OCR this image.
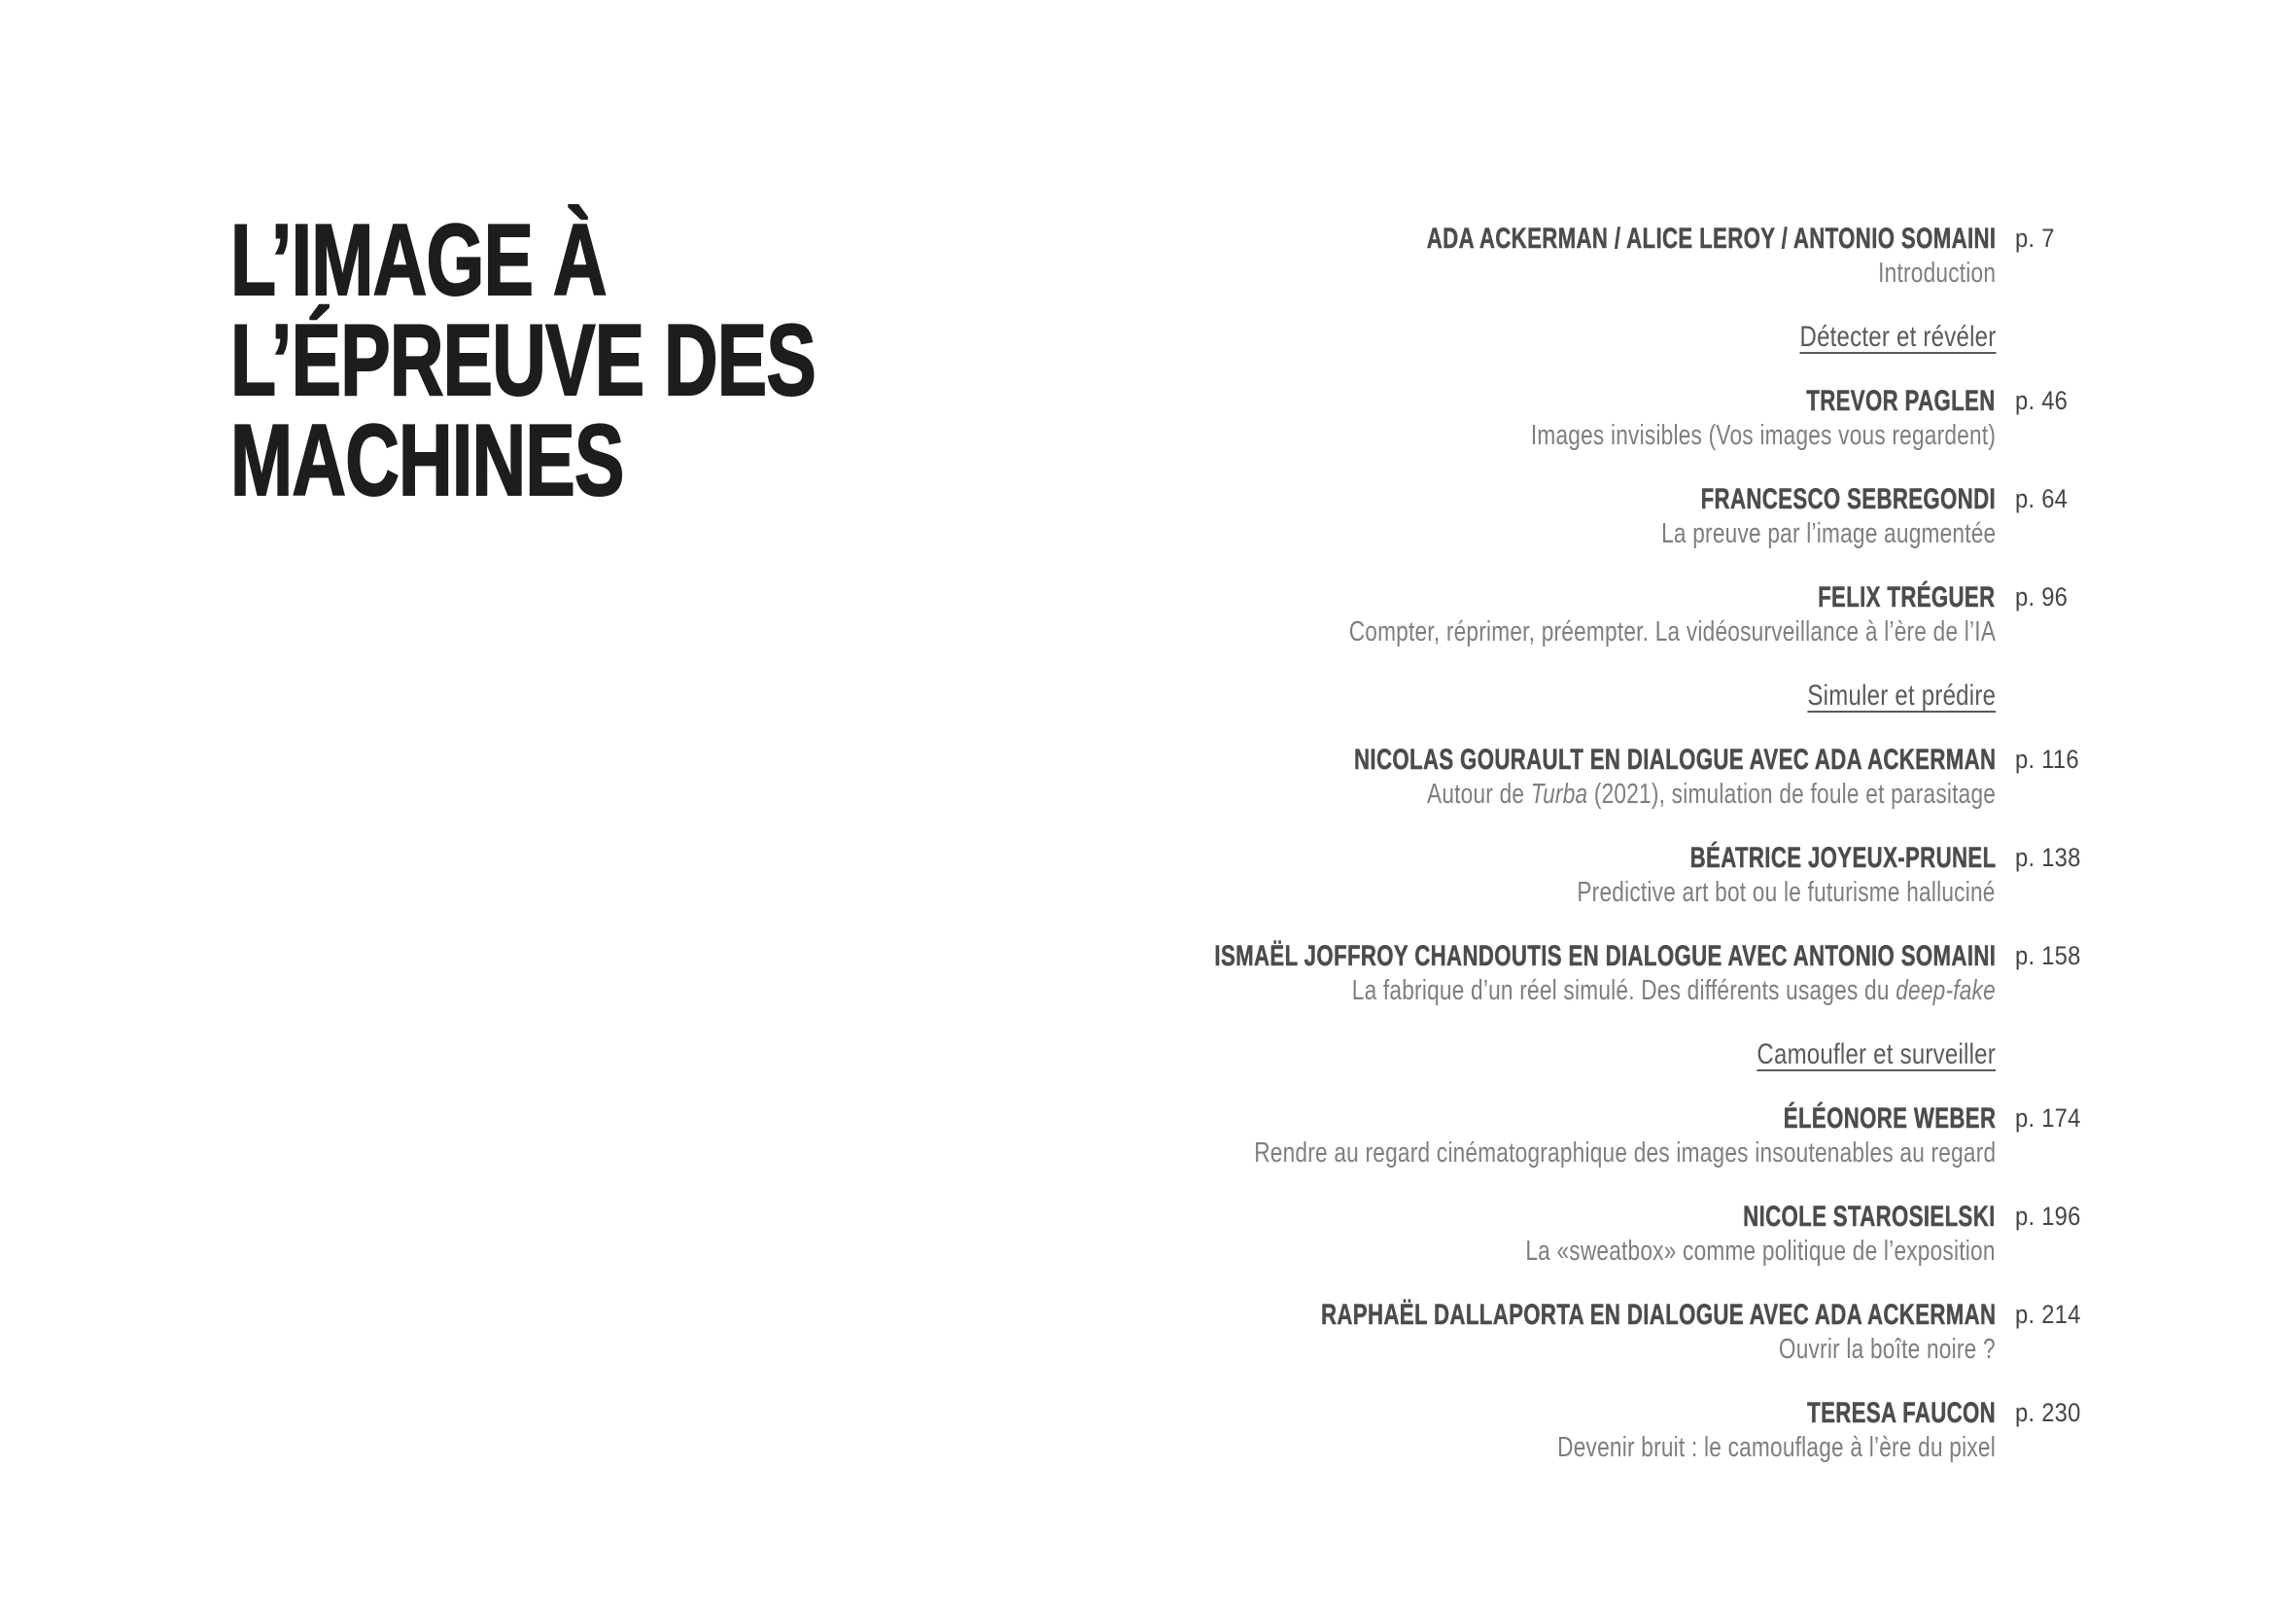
L’IMAGE À
L’ÉPREUVE DES
MACHINES
ADA ACKERMAN / ALICE LEROY / ANTONIO SOMAINI
Introduction
p. 7
Détecter et révéler
TREVOR PAGLEN
Images invisibles (Vos images vous regardent)
p. 46
FRANCESCO SEBREGONDI
La preuve par l’image augmentée
p. 64
FELIX TRÉGUER
Compter, réprimer, préempter. La vidéosurveillance à l’ère de l’IA
p. 96
Simuler et prédire
NICOLAS GOURAULT EN DIALOGUE AVEC ADA ACKERMAN
Autour de Turba (2021), simulation de foule et parasitage
p. 116
BÉATRICE JOYEUX-PRUNEL
Predictive art bot ou le futurisme halluciné
p. 138
ISMAËL JOFFROY CHANDOUTIS EN DIALOGUE AVEC ANTONIO SOMAINI
La fabrique d’un réel simulé. Des différents usages du deep-fake
p. 158
Camoufler et surveiller
ÉLÉONORE WEBER
Rendre au regard cinématographique des images insoutenables au regard
p. 174
NICOLE STAROSIELSKI
La «sweatbox» comme politique de l’exposition
p. 196
RAPHAËL DALLAPORTA EN DIALOGUE AVEC ADA ACKERMAN
Ouvrir la boîte noire ?
p. 214
TERESA FAUCON
Devenir bruit : le camouflage à l’ère du pixel
p. 230
